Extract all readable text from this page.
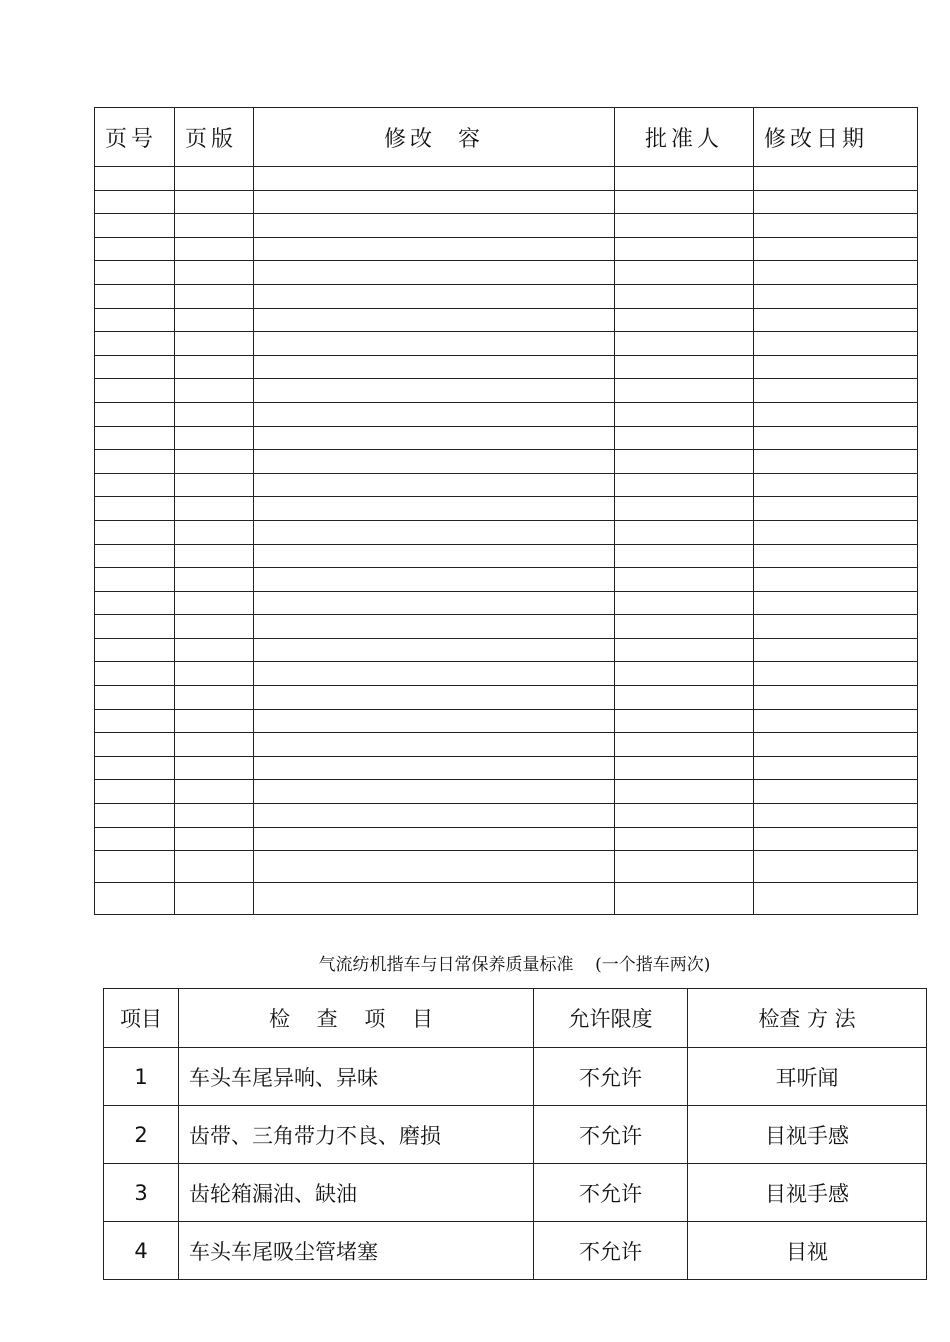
页号	页版	修改  容	批准人	修改日期

气流纺机揩车与日常保养质量标准    (一个揩车两次)
项目	检 查 项 目	允许限度	检查 方 法
1	车头车尾异响、异味	不允许	耳听闻
2	齿带、三角带力不良、磨损	不允许	目视手感
3	齿轮箱漏油、缺油	不允许	目视手感
4	车头车尾吸尘管堵塞	不允许	目视
